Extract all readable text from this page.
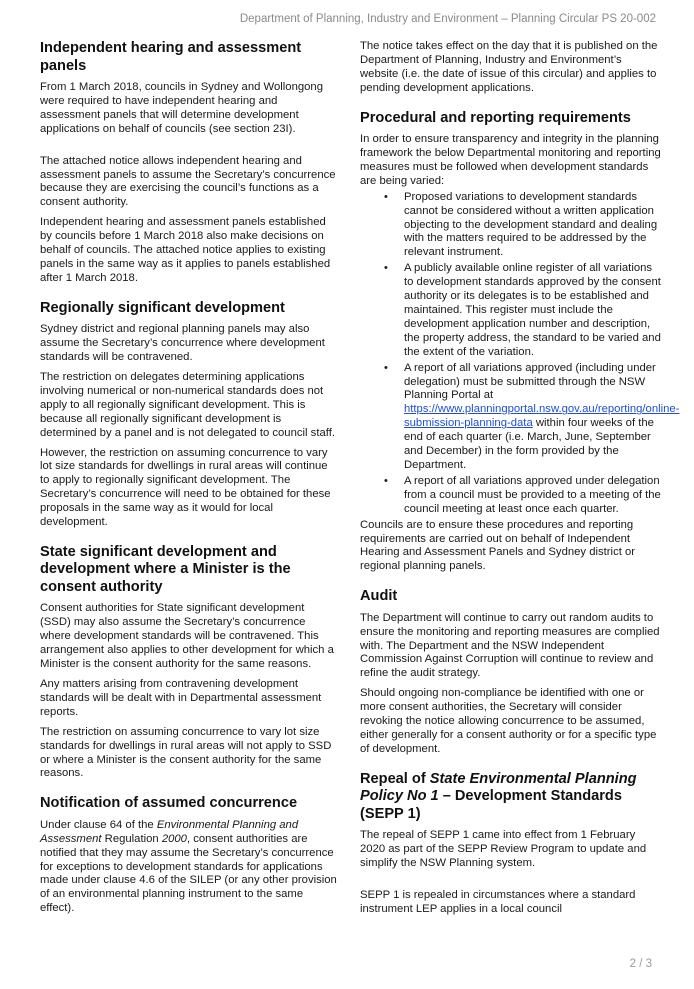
Department of Planning, Industry and Environment – Planning Circular PS 20-002
Independent hearing and assessment panels

From 1 March 2018, councils in Sydney and Wollongong were required to have independent hearing and assessment panels that will determine development applications on behalf of councils (see section 23I).

The attached notice allows independent hearing and assessment panels to assume the Secretary’s concurrence because they are exercising the council’s functions as a consent authority.

Independent hearing and assessment panels established by councils before 1 March 2018 also make decisions on behalf of councils. The attached notice applies to existing panels in the same way as it applies to panels established after 1 March 2018.

Regionally significant development

Sydney district and regional planning panels may also assume the Secretary’s concurrence where development standards will be contravened.

The restriction on delegates determining applications involving numerical or non-numerical standards does not apply to all regionally significant development. This is because all regionally significant development is determined by a panel and is not delegated to council staff.

However, the restriction on assuming concurrence to vary lot size standards for dwellings in rural areas will continue to apply to regionally significant development. The Secretary’s concurrence will need to be obtained for these proposals in the same way as it would for local development.

State significant development and development where a Minister is the consent authority

Consent authorities for State significant development (SSD) may also assume the Secretary’s concurrence where development standards will be contravened. This arrangement also applies to other development for which a Minister is the consent authority for the same reasons.

Any matters arising from contravening development standards will be dealt with in Departmental assessment reports.

The restriction on assuming concurrence to vary lot size standards for dwellings in rural areas will not apply to SSD or where a Minister is the consent authority for the same reasons.

Notification of assumed concurrence

Under clause 64 of the Environmental Planning and Assessment Regulation 2000, consent authorities are notified that they may assume the Secretary’s concurrence for exceptions to development standards for applications made under clause 4.6 of the SILEP (or any other provision of an environmental planning instrument to the same effect).

The notice takes effect on the day that it is published on the Department of Planning, Industry and Environment’s website (i.e. the date of issue of this circular) and applies to pending development applications.

Procedural and reporting requirements

In order to ensure transparency and integrity in the planning framework the below Departmental monitoring and reporting measures must be followed when development standards are being varied:

• Proposed variations to development standards cannot be considered without a written application objecting to the development standard and dealing with the matters required to be addressed by the relevant instrument.
• A publicly available online register of all variations to development standards approved by the consent authority or its delegates is to be established and maintained. This register must include the development application number and description, the property address, the standard to be varied and the extent of the variation.
• A report of all variations approved (including under delegation) must be submitted through the NSW Planning Portal at https://www.planningportal.nsw.gov.au/reporting/online-submission-planning-data within four weeks of the end of each quarter (i.e. March, June, September and December) in the form provided by the Department.
• A report of all variations approved under delegation from a council must be provided to a meeting of the council meeting at least once each quarter.

Councils are to ensure these procedures and reporting requirements are carried out on behalf of Independent Hearing and Assessment Panels and Sydney district or regional planning panels.

Audit

The Department will continue to carry out random audits to ensure the monitoring and reporting measures are complied with. The Department and the NSW Independent Commission Against Corruption will continue to review and refine the audit strategy.

Should ongoing non-compliance be identified with one or more consent authorities, the Secretary will consider revoking the notice allowing concurrence to be assumed, either generally for a consent authority or for a specific type of development.

Repeal of State Environmental Planning Policy No 1 – Development Standards (SEPP 1)

The repeal of SEPP 1 came into effect from 1 February 2020 as part of the SEPP Review Program to update and simplify the NSW Planning system.

SEPP 1 is repealed in circumstances where a standard instrument LEP applies in a local council

2 / 3
